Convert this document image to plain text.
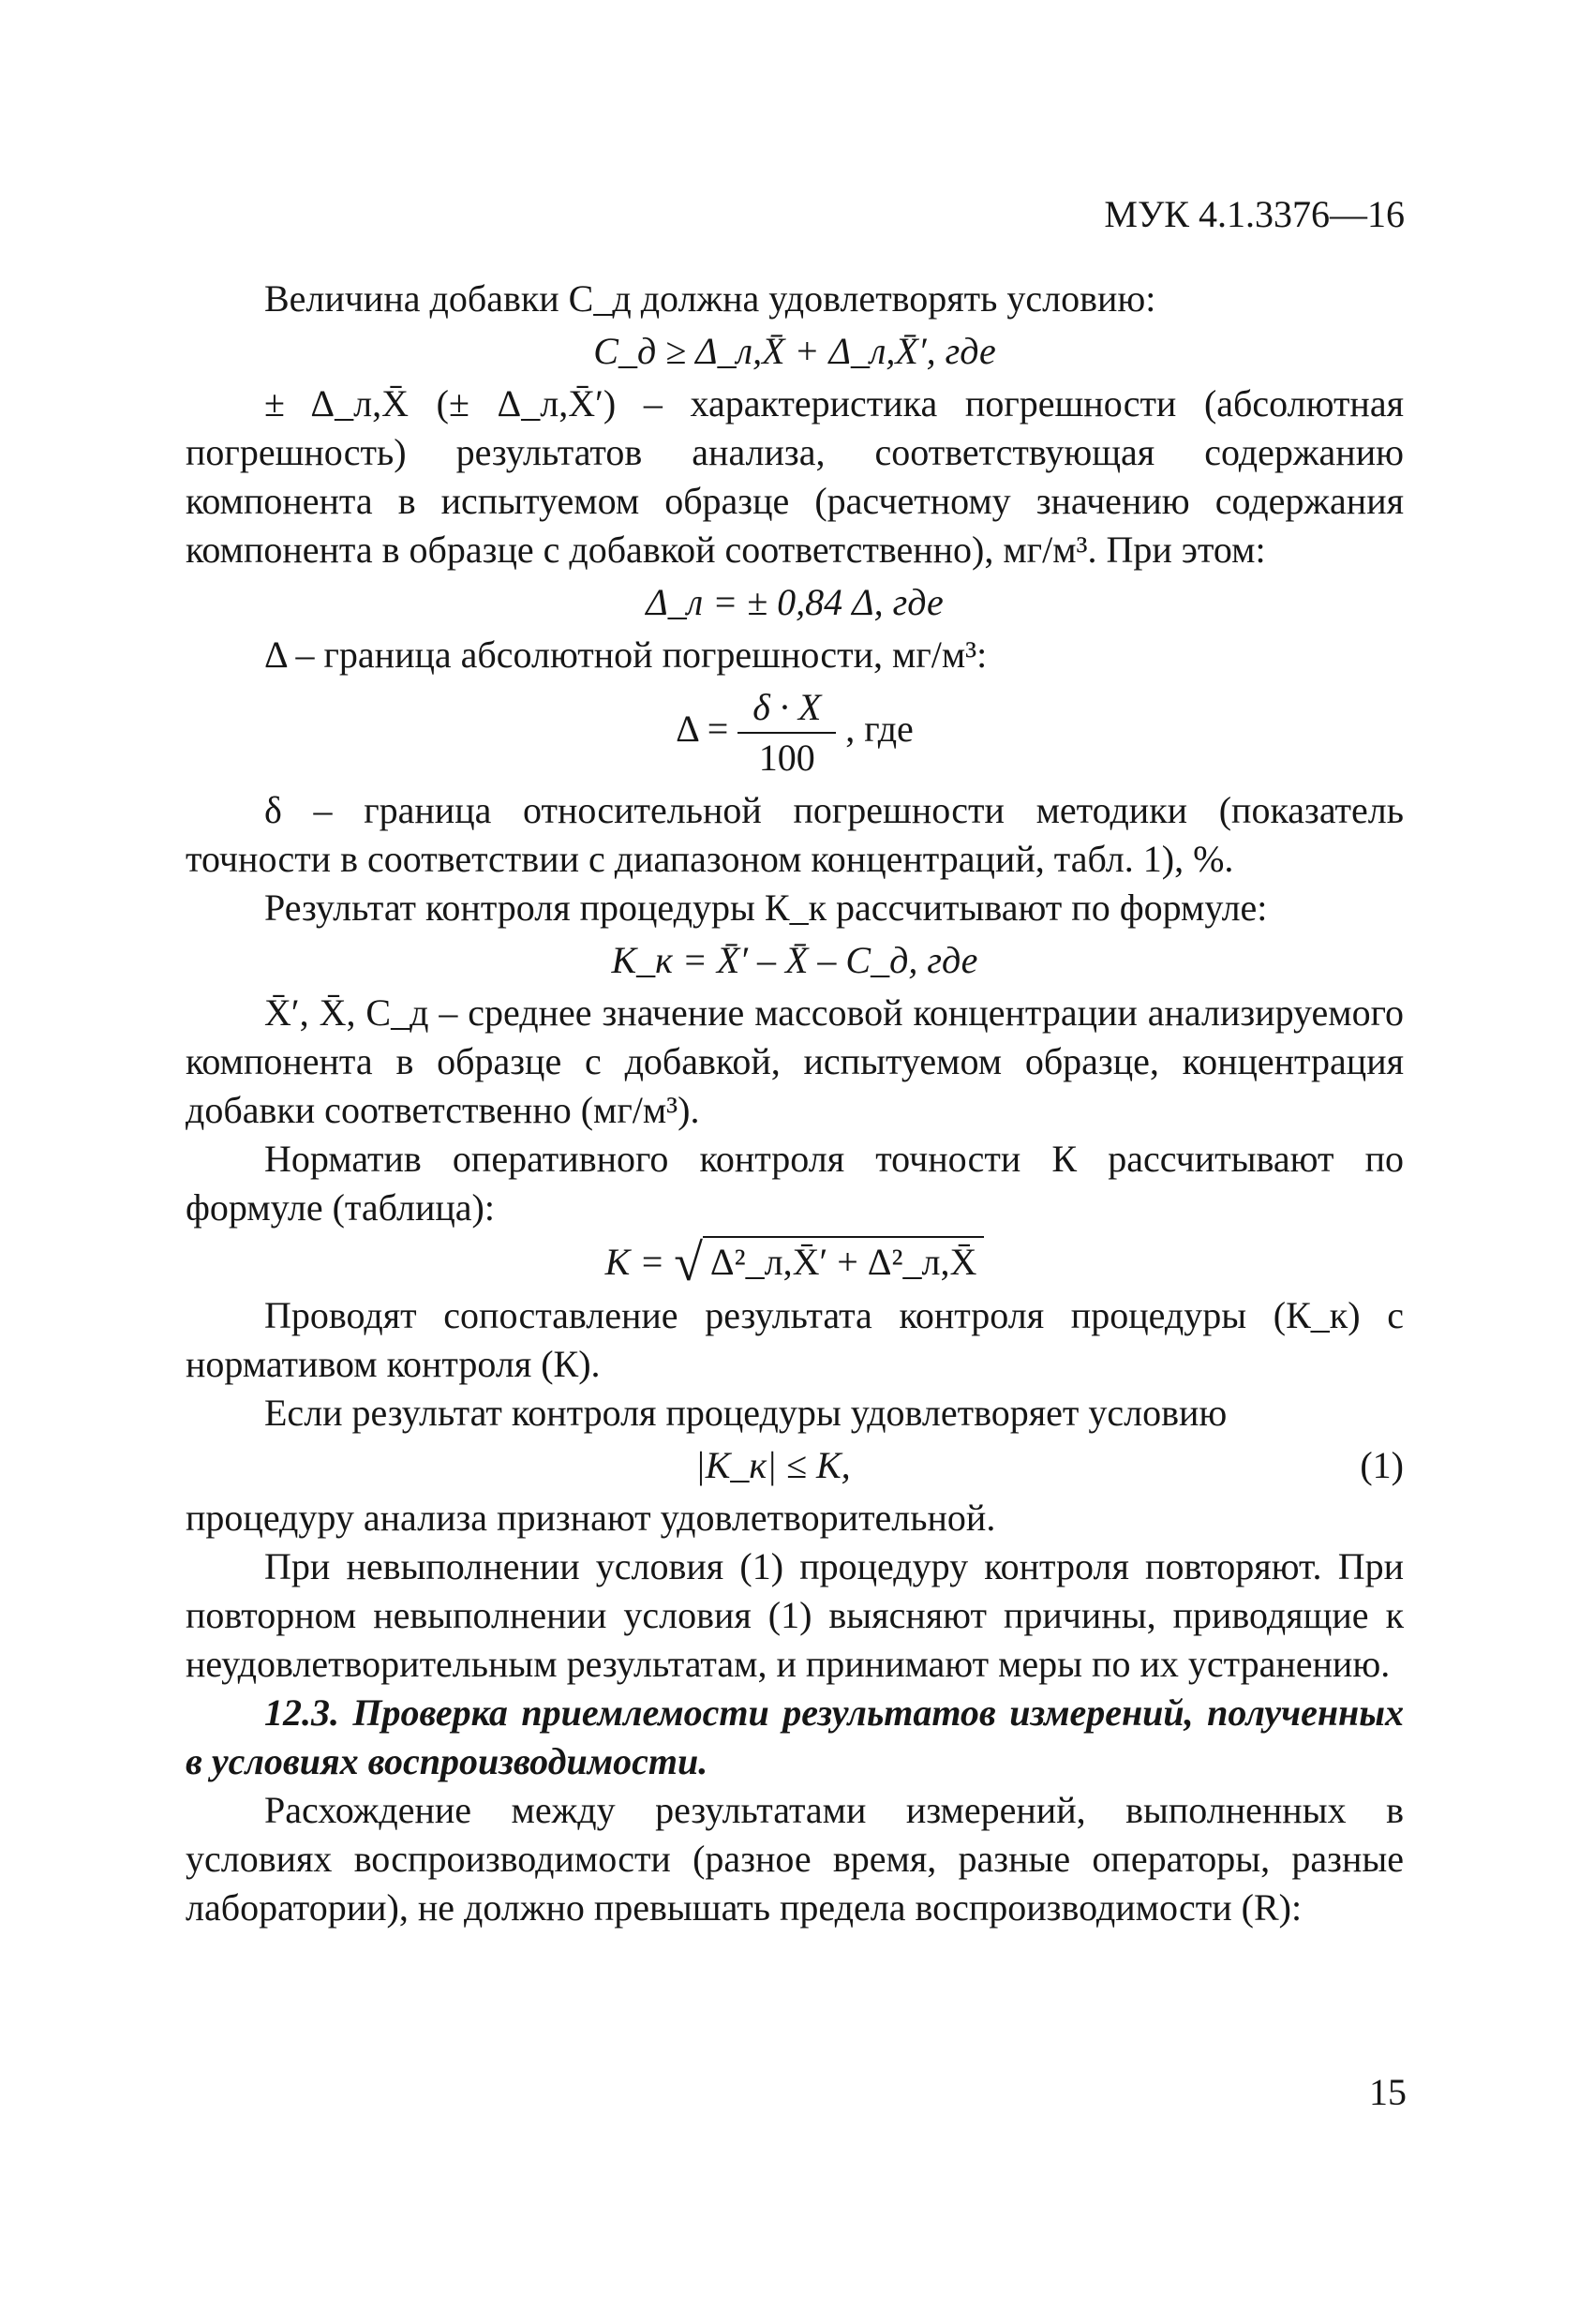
МУК 4.1.3376—16

Величина добавки C_д должна удовлетворять условию:

C_д ≥ Δ_л,X̄ + Δ_л,X̄′, где

± Δ_л,X̄ (± Δ_л,X̄′) – характеристика погрешности (абсолютная погрешность) результатов анализа, соответствующая содержанию компонента в испытуемом образце (расчетному значению содержания компонента в образце с добавкой соответственно), мг/м³. При этом:

Δ_л = ± 0,84 Δ, где

Δ – граница абсолютной погрешности, мг/м³:

$\Delta = \frac{\delta \cdot X}{100}$ , где

δ – граница относительной погрешности методики (показатель точности в соответствии с диапазоном концентраций, табл. 1), %.

Результат контроля процедуры К_к рассчитывают по формуле:

К_к = X̄′ – X̄ – C_д, где

X̄′, X̄, C_д – среднее значение массовой концентрации анализируемого компонента в образце с добавкой, испытуемом образце, концентрация добавки соответственно (мг/м³).

Норматив оперативного контроля точности К рассчитывают по формуле (таблица):

К = √ Δ²_л,X̄′ + Δ²_л,X̄

Проводят сопоставление результата контроля процедуры (К_к) с нормативом контроля (К).

Если результат контроля процедуры удовлетворяет условию

(1)
|К_к| ≤ К,

процедуру анализа признают удовлетворительной.

При невыполнении условия (1) процедуру контроля повторяют. При повторном невыполнении условия (1) выясняют причины, приводящие к неудовлетворительным результатам, и принимают меры по их устранению.

12.3. Проверка приемлемости результатов измерений, полученных в условиях воспроизводимости.

Расхождение между результатами измерений, выполненных в условиях воспроизводимости (разное время, разные операторы, разные лаборатории), не должно превышать предела воспроизводимости (R):

15
